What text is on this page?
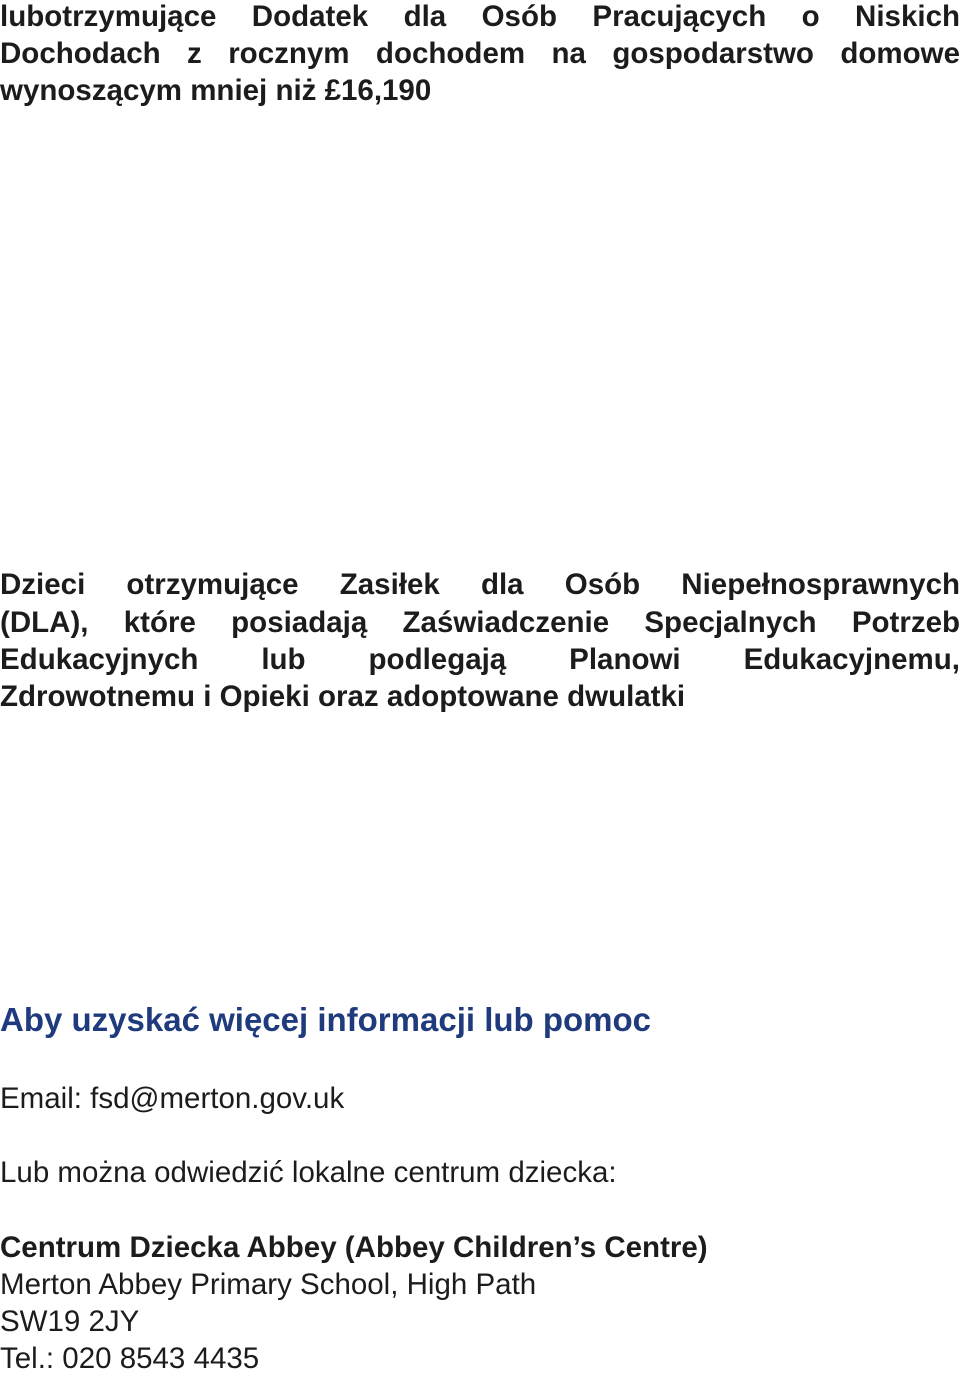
lubotrzymujące Dodatek dla Osób Pracujących o Niskich

Dochodach z rocznym dochodem na gospodarstwo domowe

wynoszącym mniej niż £16,190

Dzieci otrzymujące Zasiłek dla Osób Niepełnosprawnych

(DLA), które posiadają Zaświadczenie Specjalnych Potrzeb

Edukacyjnych lub podlegają Planowi Edukacyjnemu,

Zdrowotnemu i Opieki oraz adoptowane dwulatki

Aby uzyskać więcej informacji lub pomoc

Email: fsd@merton.gov.uk

Lub można odwiedzić lokalne centrum dziecka:

Centrum Dziecka Abbey (Abbey Children’s Centre)

Merton Abbey Primary School, High Path

SW19 2JY

Tel.: 020 8543 4435
